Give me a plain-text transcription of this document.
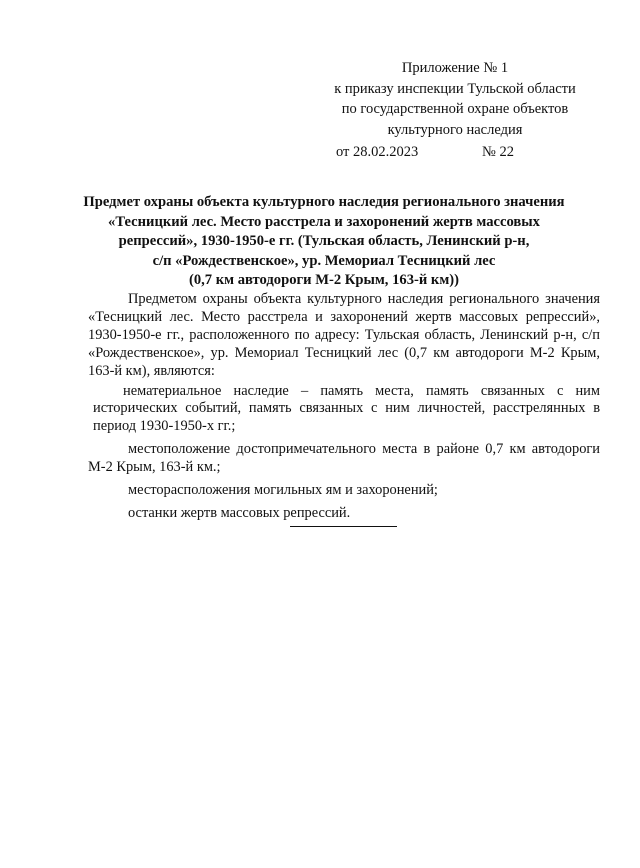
Приложение № 1
к приказу инспекции Тульской области
по государственной охране объектов
культурного наследия
от 28.02.2023	№ 22
Предмет охраны объекта культурного наследия регионального значения
«Тесницкий лес. Место расстрела и захоронений жертв массовых
репрессий», 1930-1950-е гг. (Тульская область, Ленинский р-н,
с/п «Рождественское», ур. Мемориал Тесницкий лес
(0,7 км автодороги М-2 Крым, 163-й км))

Предметом охраны объекта культурного наследия регионального значения «Тесницкий лес. Место расстрела и захоронений жертв массовых репрессий», 1930-1950-е гг., расположенного по адресу: Тульская область, Ленинский р-н, с/п «Рождественское», ур. Мемориал Тесницкий лес (0,7 км автодороги М-2 Крым, 163-й км), являются:

нематериальное наследие – память места, память связанных с ним исторических событий, память связанных с ним личностей, расстрелянных в период 1930-1950-х гг.;

местоположение достопримечательного места в районе 0,7 км автодороги М-2 Крым, 163-й км.;

месторасположения могильных ям и захоронений;

останки жертв массовых репрессий.
